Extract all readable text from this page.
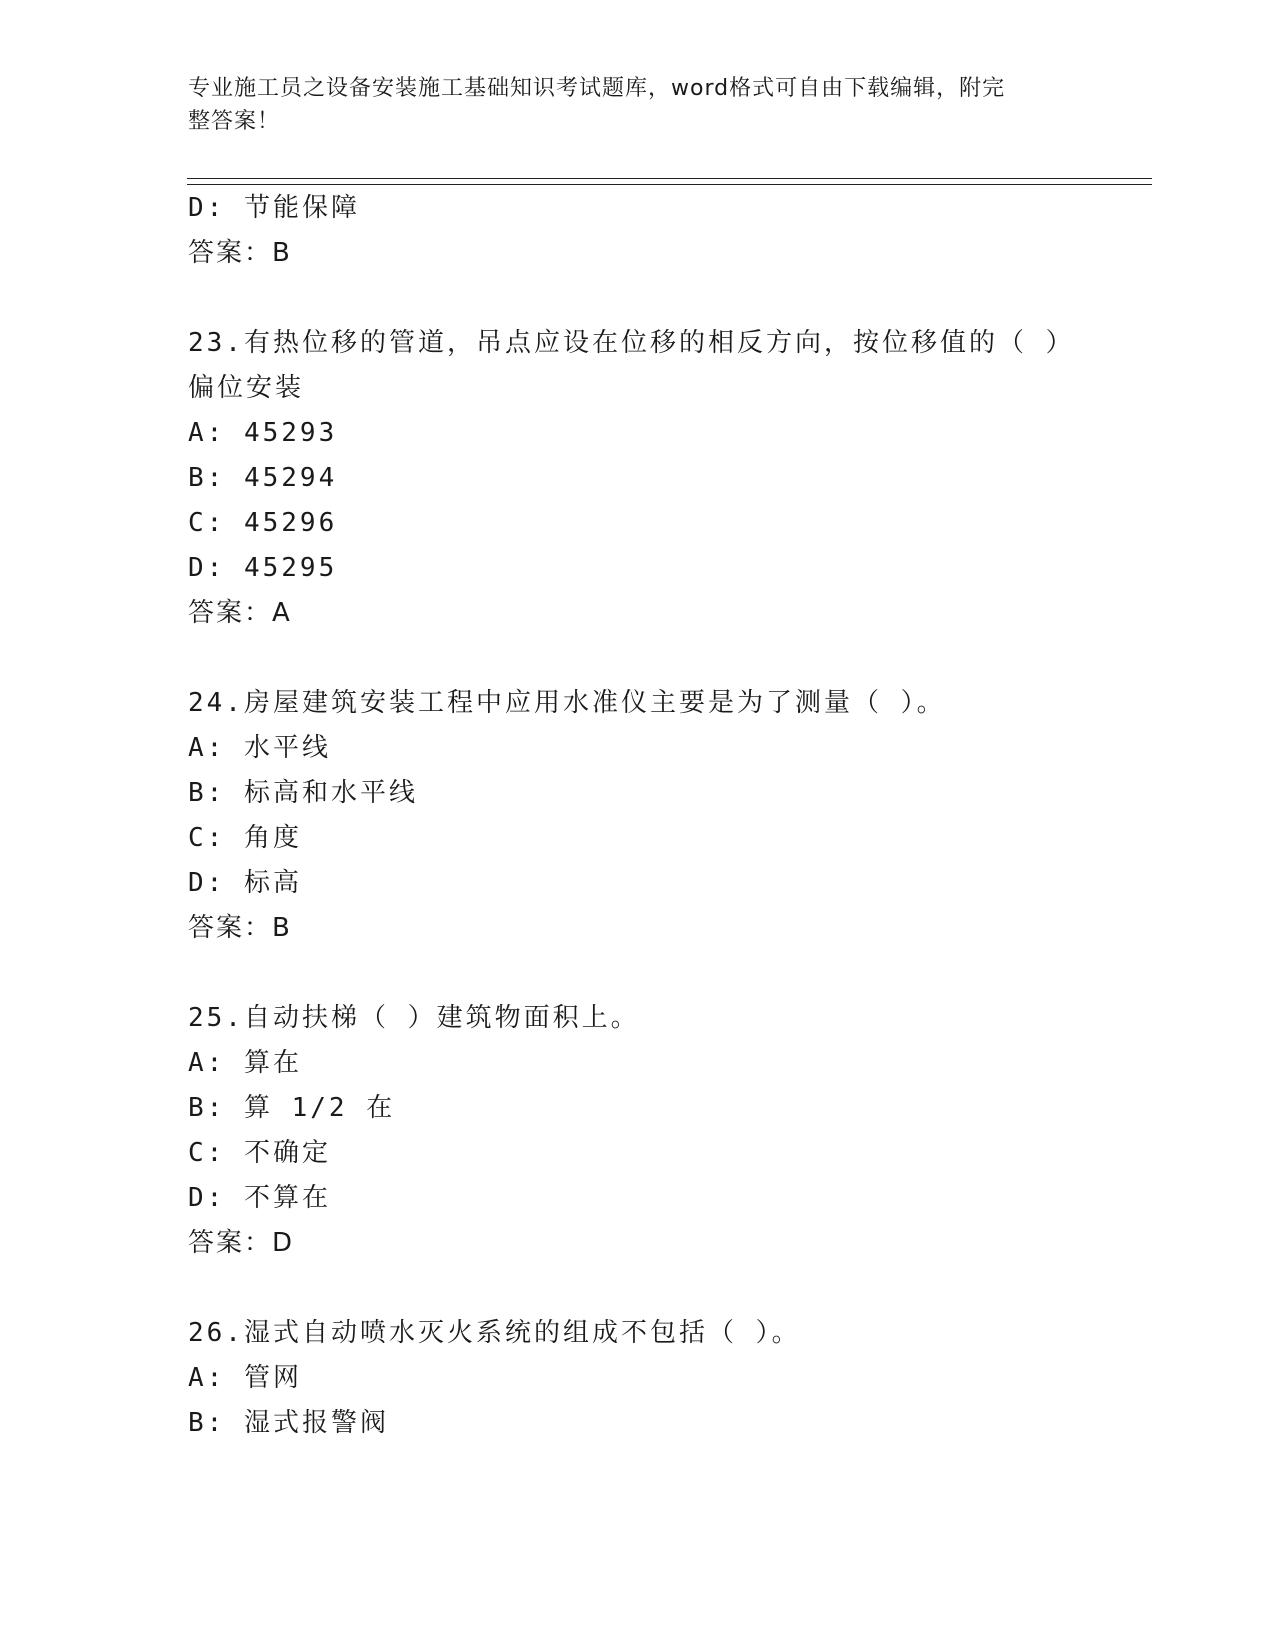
专业施工员之设备安装施工基础知识考试题库，word格式可自由下载编辑，附完
整答案！
D: 节能保障
答案：B
23.有热位移的管道，吊点应设在位移的相反方向，按位移值的（ ）
偏位安装
A: 45293
B: 45294
C: 45296
D: 45295
答案：A
24.房屋建筑安装工程中应用水准仪主要是为了测量（ ）。
A: 水平线
B: 标高和水平线
C: 角度
D: 标高
答案：B
25.自动扶梯（ ）建筑物面积上。
A: 算在
B: 算 1/2 在
C: 不确定
D: 不算在
答案：D
26.湿式自动喷水灭火系统的组成不包括（ ）。
A: 管网
B: 湿式报警阀
